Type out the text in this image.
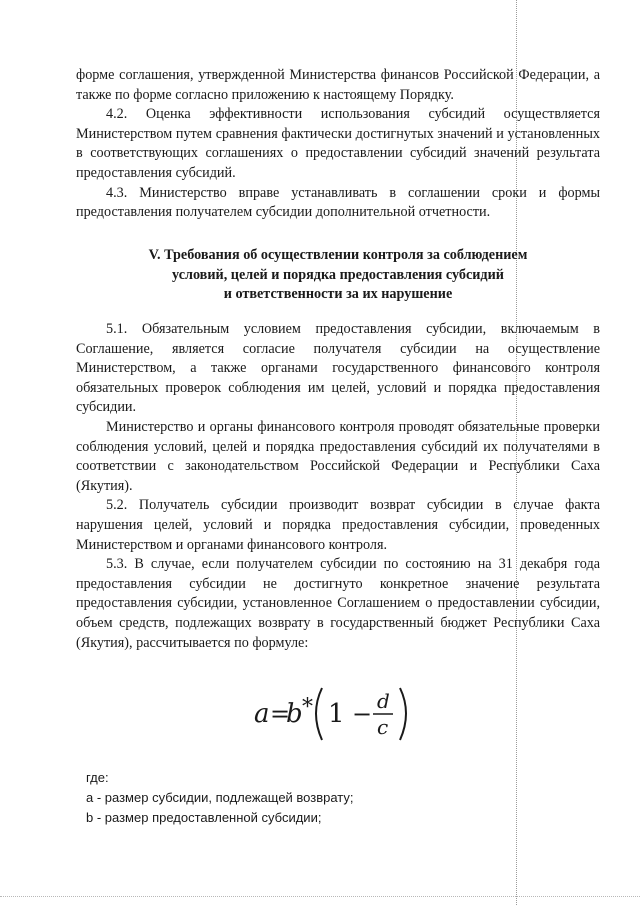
форме соглашения, утвержденной Министерства финансов Российской Федерации, а также по форме согласно приложению к настоящему Порядку.

4.2. Оценка эффективности использования субсидий осуществляется Министерством путем сравнения фактически достигнутых значений и установленных в соответствующих соглашениях о предоставлении субсидий значений результата предоставления субсидий.

4.3. Министерство вправе устанавливать в соглашении сроки и формы предоставления получателем субсидии дополнительной отчетности.

V. Требования об осуществлении контроля за соблюдением
условий, целей и порядка предоставления субсидий
и ответственности за их нарушение

5.1. Обязательным условием предоставления субсидии, включаемым в Соглашение, является согласие получателя субсидии на осуществление Министерством, а также органами государственного финансового контроля обязательных проверок соблюдения им целей, условий и порядка предоставления субсидии.

Министерство и органы финансового контроля проводят обязательные проверки соблюдения условий, целей и порядка предоставления субсидий их получателями в соответствии с законодательством Российской Федерации и Республики Саха (Якутия).

5.2. Получатель субсидии производит возврат субсидии в случае факта нарушения целей, условий и порядка предоставления субсидии, проведенных Министерством и органами финансового контроля.

5.3. В случае, если получателем субсидии по состоянию на 31 декабря года предоставления субсидии не достигнуто конкретное значение результата предоставления субсидии, установленное Соглашением о предоставлении субсидии, объем средств, подлежащих возврату в государственный бюджет Республики Саха (Якутия), рассчитывается по формуле:

a =
b * 1 − d
c
где:
a - размер субсидии, подлежащей возврату;
b - размер предоставленной субсидии;
